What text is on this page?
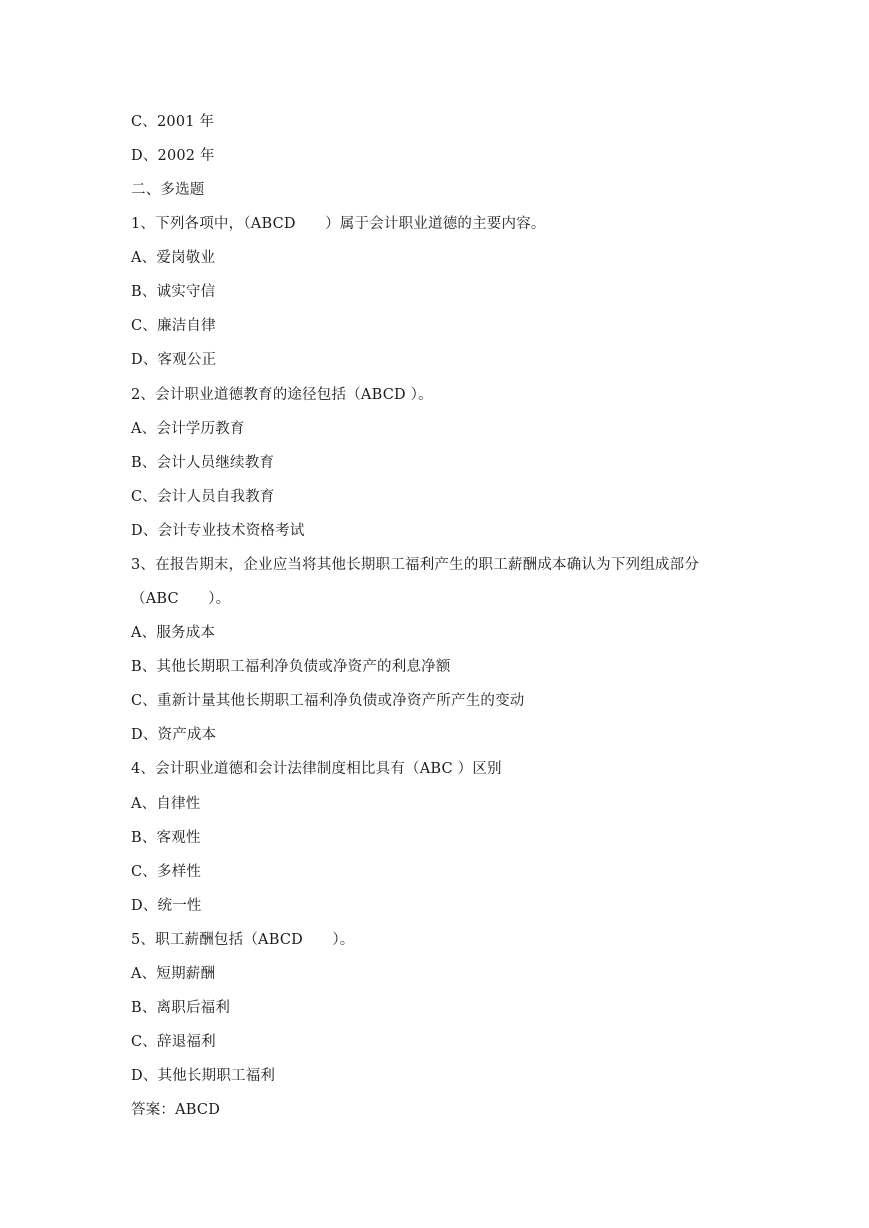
C、2001 年
D、2002 年
二、多选题
1、下列各项中，（ABCD　　）属于会计职业道德的主要内容。
A、爱岗敬业
B、诚实守信
C、廉洁自律
D、客观公正
2、会计职业道德教育的途径包括（ABCD ）。
A、会计学历教育
B、会计人员继续教育
C、会计人员自我教育
D、会计专业技术资格考试
3、在报告期末，企业应当将其他长期职工福利产生的职工薪酬成本确认为下列组成部分
（ABC　　）。
A、服务成本
B、其他长期职工福利净负债或净资产的利息净额
C、重新计量其他长期职工福利净负债或净资产所产生的变动
D、资产成本
4、会计职业道德和会计法律制度相比具有（ABC ）区别
A、自律性
B、客观性
C、多样性
D、统一性
5、职工薪酬包括（ABCD　　）。
A、短期薪酬
B、离职后福利
C、辞退福利
D、其他长期职工福利
答案：ABCD
